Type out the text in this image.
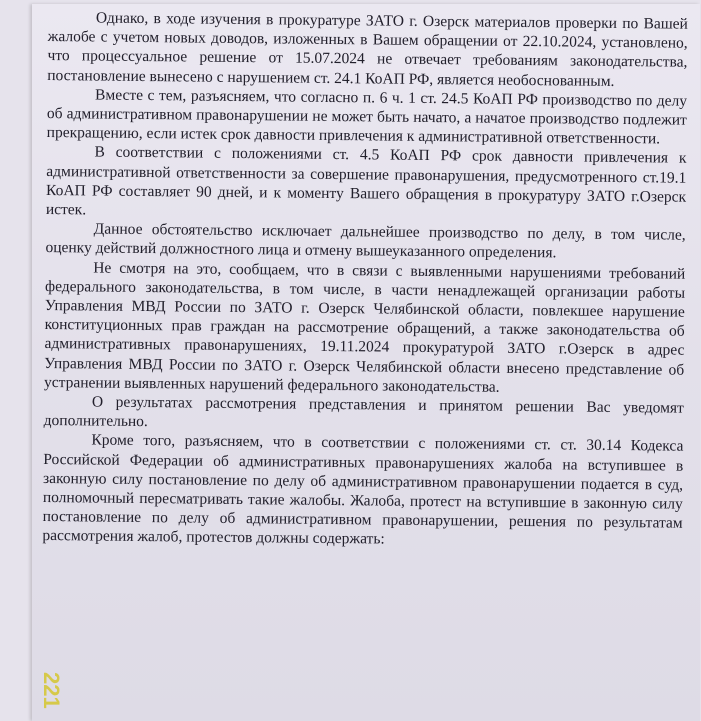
Однако, в ходе изучения в прокуратуре ЗАТО г. Озерск материалов проверки по Вашей жалобе с учетом новых доводов, изложенных в Вашем обращении от 22.10.2024, установлено, что процессуальное решение от 15.07.2024 не отвечает требованиям законодательства, постановление вынесено с нарушением ст. 24.1 КоАП РФ, является необоснованным.

Вместе с тем, разъясняем, что согласно п. 6 ч. 1 ст. 24.5 КоАП РФ производство по делу об административном правонарушении не может быть начато, а начатое производство подлежит прекращению, если истек срок давности привлечения к административной ответственности.

В соответствии с положениями ст. 4.5 КоАП РФ срок давности привлечения к административной ответственности за совершение правонарушения, предусмотренного ст.19.1 КоАП РФ составляет 90 дней, и к моменту Вашего обращения в прокуратуру ЗАТО г.Озерск истек.

Данное обстоятельство исключает дальнейшее производство по делу, в том числе, оценку действий должностного лица и отмену вышеуказанного определения.

Не смотря на это, сообщаем, что в связи с выявленными нарушениями требований федерального законодательства, в том числе, в части ненадлежащей организации работы Управления МВД России по ЗАТО г. Озерск Челябинской области, повлекшее нарушение конституционных прав граждан на рассмотрение обращений, а также законодательства об административных правонарушениях, 19.11.2024 прокуратурой ЗАТО г.Озерск в адрес Управления МВД России по ЗАТО г. Озерск Челябинской области внесено представление об устранении выявленных нарушений федерального законодательства.

О результатах рассмотрения представления и принятом решении Вас уведомят дополнительно.

Кроме того, разъясняем, что в соответствии с положениями ст. ст. 30.14 Кодекса Российской Федерации об административных правонарушениях жалоба на вступившее в законную силу постановление по делу об административном правонарушении подается в суд, полномочный пересматривать такие жалобы. Жалоба, протест на вступившие в законную силу постановление по делу об административном правонарушении, решения по результатам рассмотрения жалоб, протестов должны содержать:

221
